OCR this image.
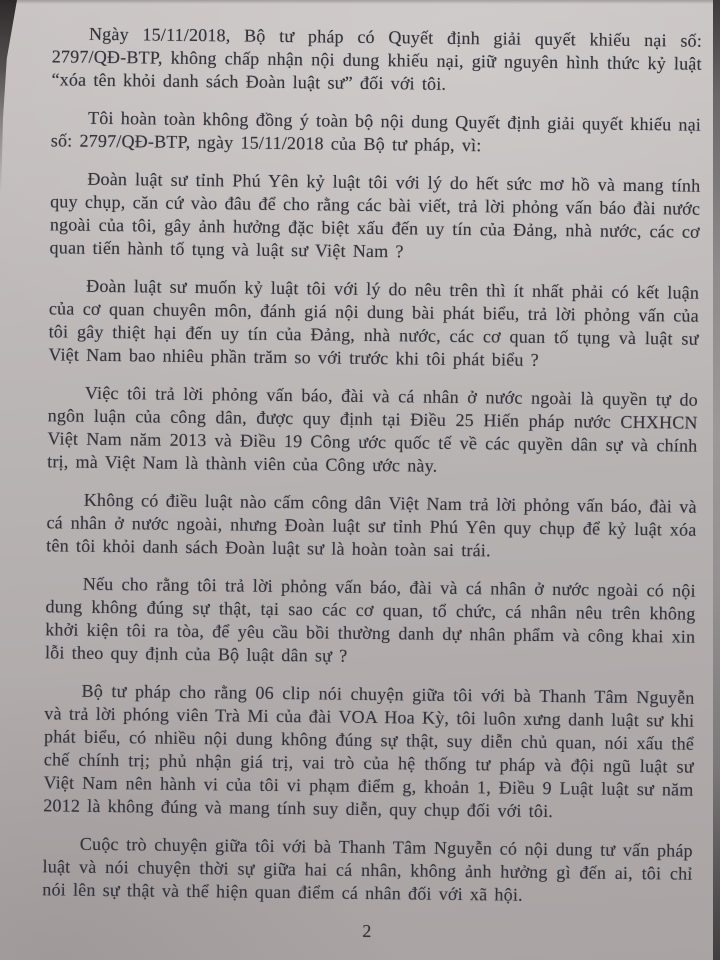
Ngày 15/11/2018, Bộ tư pháp có Quyết định giải quyết khiếu nại số: 2797/QĐ-BTP, không chấp nhận nội dung khiếu nại, giữ nguyên hình thức kỷ luật “xóa tên khỏi danh sách Đoàn luật sư” đối với tôi.

Tôi hoàn toàn không đồng ý toàn bộ nội dung Quyết định giải quyết khiếu nại số: 2797/QĐ-BTP, ngày 15/11/2018 của Bộ tư pháp, vì:

Đoàn luật sư tỉnh Phú Yên kỷ luật tôi với lý do hết sức mơ hồ và mang tính quy chụp, căn cứ vào đâu để cho rằng các bài viết, trả lời phỏng vấn báo đài nước ngoài của tôi, gây ảnh hưởng đặc biệt xấu đến uy tín của Đảng, nhà nước, các cơ quan tiến hành tố tụng và luật sư Việt Nam ?

Đoàn luật sư muốn kỷ luật tôi với lý do nêu trên thì ít nhất phải có kết luận của cơ quan chuyên môn, đánh giá nội dung bài phát biểu, trả lời phỏng vấn của tôi gây thiệt hại đến uy tín của Đảng, nhà nước, các cơ quan tố tụng và luật sư Việt Nam bao nhiêu phần trăm so với trước khi tôi phát biểu ?

Việc tôi trả lời phỏng vấn báo, đài và cá nhân ở nước ngoài là quyền tự do ngôn luận của công dân, được quy định tại Điều 25 Hiến pháp nước CHXHCN Việt Nam năm 2013 và Điều 19 Công ước quốc tế về các quyền dân sự và chính trị, mà Việt Nam là thành viên của Công ước này.

Không có điều luật nào cấm công dân Việt Nam trả lời phỏng vấn báo, đài và cá nhân ở nước ngoài, nhưng Đoàn luật sư tỉnh Phú Yên quy chụp để kỷ luật xóa tên tôi khỏi danh sách Đoàn luật sư là hoàn toàn sai trái.

Nếu cho rằng tôi trả lời phỏng vấn báo, đài và cá nhân ở nước ngoài có nội dung không đúng sự thật, tại sao các cơ quan, tổ chức, cá nhân nêu trên không khởi kiện tôi ra tòa, để yêu cầu bồi thường danh dự nhân phẩm và công khai xin lỗi theo quy định của Bộ luật dân sự ?

Bộ tư pháp cho rằng 06 clip nói chuyện giữa tôi với bà Thanh Tâm Nguyễn và trả lời phóng viên Trà Mi của đài VOA Hoa Kỳ, tôi luôn xưng danh luật sư khi phát biểu, có nhiều nội dung không đúng sự thật, suy diễn chủ quan, nói xấu thể chế chính trị; phủ nhận giá trị, vai trò của hệ thống tư pháp và đội ngũ luật sư Việt Nam nên hành vi của tôi vi phạm điểm g, khoản 1, Điều 9 Luật luật sư năm 2012 là không đúng và mang tính suy diễn, quy chụp đối với tôi.

Cuộc trò chuyện giữa tôi với bà Thanh Tâm Nguyễn có nội dung tư vấn pháp luật và nói chuyện thời sự giữa hai cá nhân, không ảnh hưởng gì đến ai, tôi chỉ nói lên sự thật và thể hiện quan điểm cá nhân đối với xã hội.

2
